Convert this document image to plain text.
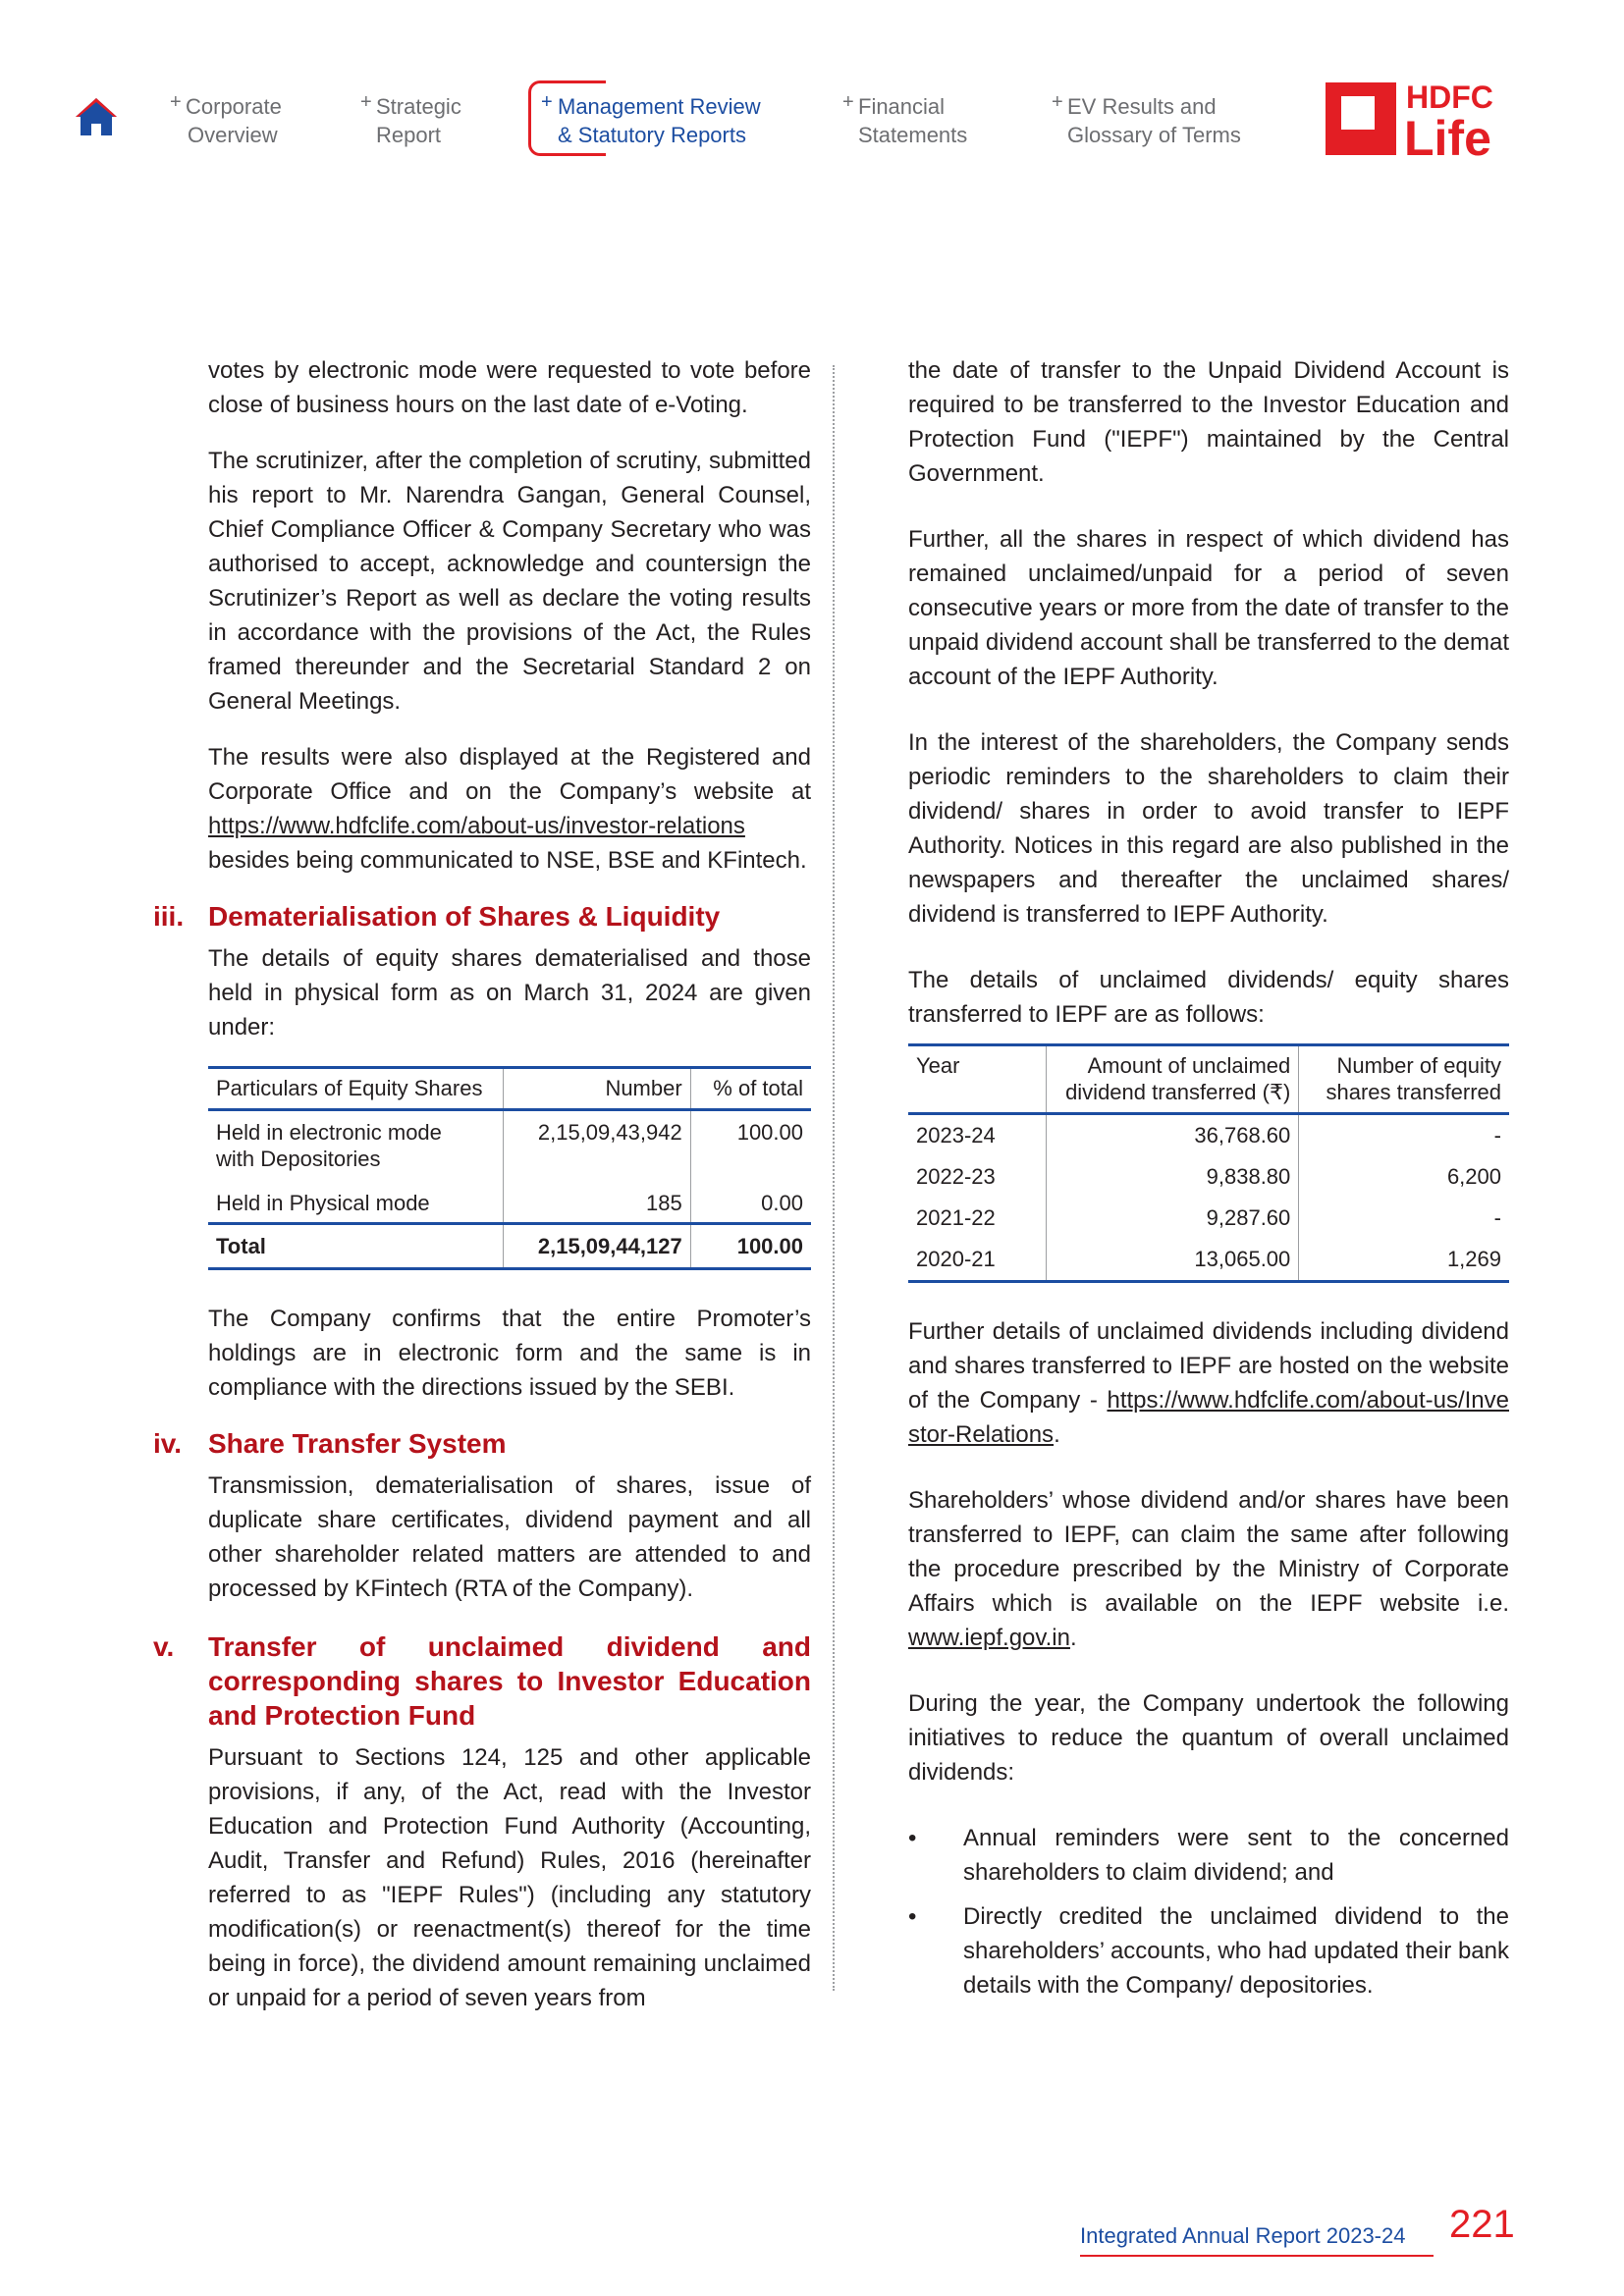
+ Corporate
Overview
+ Strategic
Report
+ Management Review
& Statutory Reports
+ Financial
Statements
+ EV Results and
Glossary of Terms
HDFC
Life

votes by electronic mode were requested to vote before close of business hours on the last date of e-Voting.

The scrutinizer, after the completion of scrutiny, submitted his report to Mr. Narendra Gangan, General Counsel, Chief Compliance Officer & Company Secretary who was authorised to accept, acknowledge and countersign the Scrutinizer’s Report as well as declare the voting results in accordance with the provisions of the Act, the Rules framed thereunder and the Secretarial Standard 2 on General Meetings.

The results were also displayed at the Registered and Corporate Office and on the Company’s website at https://www.hdfclife.com/about-us/investor-relations besides being communicated to NSE, BSE and KFintech.

iii. Dematerialisation of Shares & Liquidity

The details of equity shares dematerialised and those held in physical form as on March 31, 2024 are given under:

Particulars of Equity Shares	Number	% of total
Held in electronic mode with Depositories	2,15,09,43,942	100.00
Held in Physical mode	185	0.00
Total	2,15,09,44,127	100.00

The Company confirms that the entire Promoter’s holdings are in electronic form and the same is in compliance with the directions issued by the SEBI.

iv. Share Transfer System

Transmission, dematerialisation of shares, issue of duplicate share certificates, dividend payment and all other shareholder related matters are attended to and processed by KFintech (RTA of the Company).

v. Transfer of unclaimed dividend and corresponding shares to Investor Education and Protection Fund

Pursuant to Sections 124, 125 and other applicable provisions, if any, of the Act, read with the Investor Education and Protection Fund Authority (Accounting, Audit, Transfer and Refund) Rules, 2016 (hereinafter referred to as "IEPF Rules") (including any statutory modification(s) or reenactment(s) thereof for the time being in force), the dividend amount remaining unclaimed or unpaid for a period of seven years from

the date of transfer to the Unpaid Dividend Account is required to be transferred to the Investor Education and Protection Fund ("IEPF") maintained by the Central Government.

Further, all the shares in respect of which dividend has remained unclaimed/unpaid for a period of seven consecutive years or more from the date of transfer to the unpaid dividend account shall be transferred to the demat account of the IEPF Authority.

In the interest of the shareholders, the Company sends periodic reminders to the shareholders to claim their dividend/ shares in order to avoid transfer to IEPF Authority. Notices in this regard are also published in the newspapers and thereafter the unclaimed shares/ dividend is transferred to IEPF Authority.

The details of unclaimed dividends/ equity shares transferred to IEPF are as follows:

Year	Amount of unclaimed dividend transferred (₹)	Number of equity shares transferred
2023-24	36,768.60	-
2022-23	9,838.80	6,200
2021-22	9,287.60	-
2020-21	13,065.00	1,269

Further details of unclaimed dividends including dividend and shares transferred to IEPF are hosted on the website of the Company - https://www.hdfclife.com/about-us/Investor-Relations.

Shareholders’ whose dividend and/or shares have been transferred to IEPF, can claim the same after following the procedure prescribed by the Ministry of Corporate Affairs which is available on the IEPF website i.e. www.iepf.gov.in.

During the year, the Company undertook the following initiatives to reduce the quantum of overall unclaimed dividends:

• Annual reminders were sent to the concerned shareholders to claim dividend; and
• Directly credited the unclaimed dividend to the shareholders’ accounts, who had updated their bank details with the Company/ depositories.
Integrated Annual Report 2023-24 221
